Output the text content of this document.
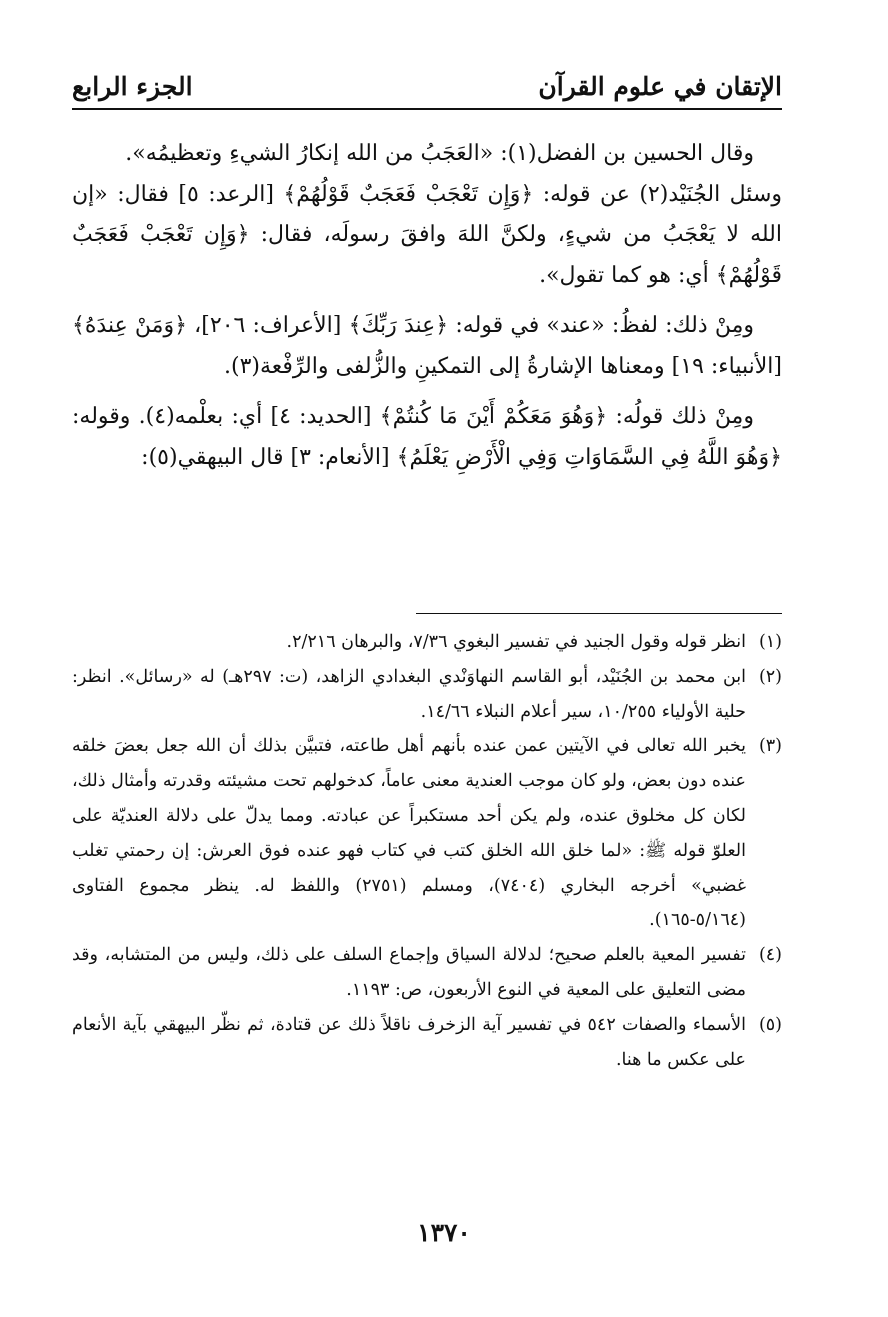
الإتقان في علوم القرآن
الجزء الرابع

وقال الحسين بن الفضل(١): «العَجَبُ من الله إنكارُ الشيءِ وتعظيمُه».

وسئل الجُنَيْد(٢) عن قوله: ﴿وَإِن تَعْجَبْ فَعَجَبٌ قَوْلُهُمْ﴾ [الرعد: ٥] فقال: «إن الله لا يَعْجَبُ من شيءٍ، ولكنَّ اللهَ وافقَ رسولَه، فقال: ﴿وَإِن تَعْجَبْ فَعَجَبٌ قَوْلُهُمْ﴾ أي: هو كما تقول».

ومِنْ ذلك: لفظُ: «عند» في قوله: ﴿عِندَ رَبِّكَ﴾ [الأعراف: ٢٠٦]، ﴿وَمَنْ عِندَهُ﴾ [الأنبياء: ١٩] ومعناها الإشارةُ إلى التمكينِ والزُّلفى والرِّفْعة(٣).

ومِنْ ذلك قولُه: ﴿وَهُوَ مَعَكُمْ أَيْنَ مَا كُنتُمْ﴾ [الحديد: ٤] أي: بعلْمه(٤). وقوله: ﴿وَهُوَ اللَّهُ فِي السَّمَاوَاتِ وَفِي الْأَرْضِ يَعْلَمُ﴾ [الأنعام: ٣] قال البيهقي(٥):

(١)
انظر قوله وقول الجنيد في تفسير البغوي ٧/٣٦، والبرهان ٢/٢١٦.
(٢)
ابن محمد بن الجُنَيْد، أبو القاسم النهاوَنْدي البغدادي الزاهد، (ت: ٢٩٧هـ) له «رسائل». انظر: حلية الأولياء ١٠/٢٥٥، سير أعلام النبلاء ١٤/٦٦.
(٣)
يخبر الله تعالى في الآيتين عمن عنده بأنهم أهل طاعته، فتبيَّن بذلك أن الله جعل بعضَ خلقه عنده دون بعض، ولو كان موجب العندية معنى عاماً، كدخولهم تحت مشيئته وقدرته وأمثال ذلك، لكان كل مخلوق عنده، ولم يكن أحد مستكبراً عن عبادته. ومما يدلّ على دلالة العنديّة على العلوّ قوله ﷺ: «لما خلق الله الخلق كتب في كتاب فهو عنده فوق العرش: إن رحمتي تغلب غضبي» أخرجه البخاري (٧٤٠٤)، ومسلم (٢٧٥١) واللفظ له. ينظر مجموع الفتاوى (٥/١٦٤-١٦٥).
(٤)
تفسير المعية بالعلم صحيح؛ لدلالة السياق وإجماع السلف على ذلك، وليس من المتشابه، وقد مضى التعليق على المعية في النوع الأربعون، ص: ١١٩٣.
(٥)
الأسماء والصفات ٥٤٢ في تفسير آية الزخرف ناقلاً ذلك عن قتادة، ثم نظّر البيهقي بآية الأنعام على عكس ما هنا.
١٣٧٠
